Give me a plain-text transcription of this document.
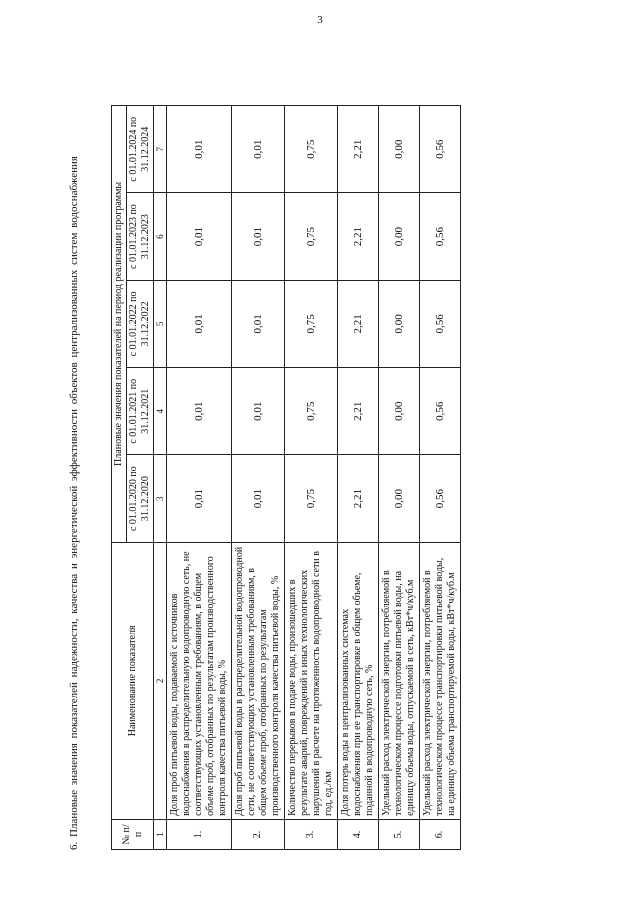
3
6. Плановые значения показателей надежности, качества и энергетической эффективности объектов централизованных систем водоснабжения	№ п/п	Наименование показателя	Плановые значения показателей на период реализации программы				
		с 01.01.2020 по 31.12.2020	с 01.01.2021 по 31.12.2021	с 01.01.2022 по 31.12.2022	с 01.01.2023 по 31.12.2023	с 01.01.2024 по 31.12.2024
1	2	3	4	5	6	7
1.	Доля проб питьевой воды, подаваемой с источников водоснабжения в распределительную водопроводную сеть, не соответствующих установленным требованиям, в общем объеме проб, отобранных по результатам производственного контроля качества питьевой воды, %	0,01	0,01	0,01	0,01	0,01
2.	Доля проб питьевой воды в распределительной водопроводной сети, не соответствующих установленным требованиям, в общем объеме проб, отобранных по результатам производственного контроля качества питьевой воды, %	0,01	0,01	0,01	0,01	0,01
3.	Количество перерывов в подаче воды, произошедших в результате аварий, повреждений и иных технологических нарушений в расчете на протяженность водопроводной сети в год, ед./км	0,75	0,75	0,75	0,75	0,75
4.	Доля потерь воды в централизованных системах водоснабжения при ее транспортировке в общем объеме, поданной в водопроводную сеть, %	2,21	2,21	2,21	2,21	2,21
5.	Удельный расход электрической энергии, потребляемой в технологическом процессе подготовки питьевой воды, на единицу объема воды, отпускаемой в сеть, кВт*ч/куб.м	0,00	0,00	0,00	0,00	0,00
6.	Удельный расход электрической энергии, потребляемой в технологическом процессе транспортировки питьевой воды, на единицу объема транспортируемой воды, кВт*ч/куб.м	0,56	0,56	0,56	0,56	0,56
